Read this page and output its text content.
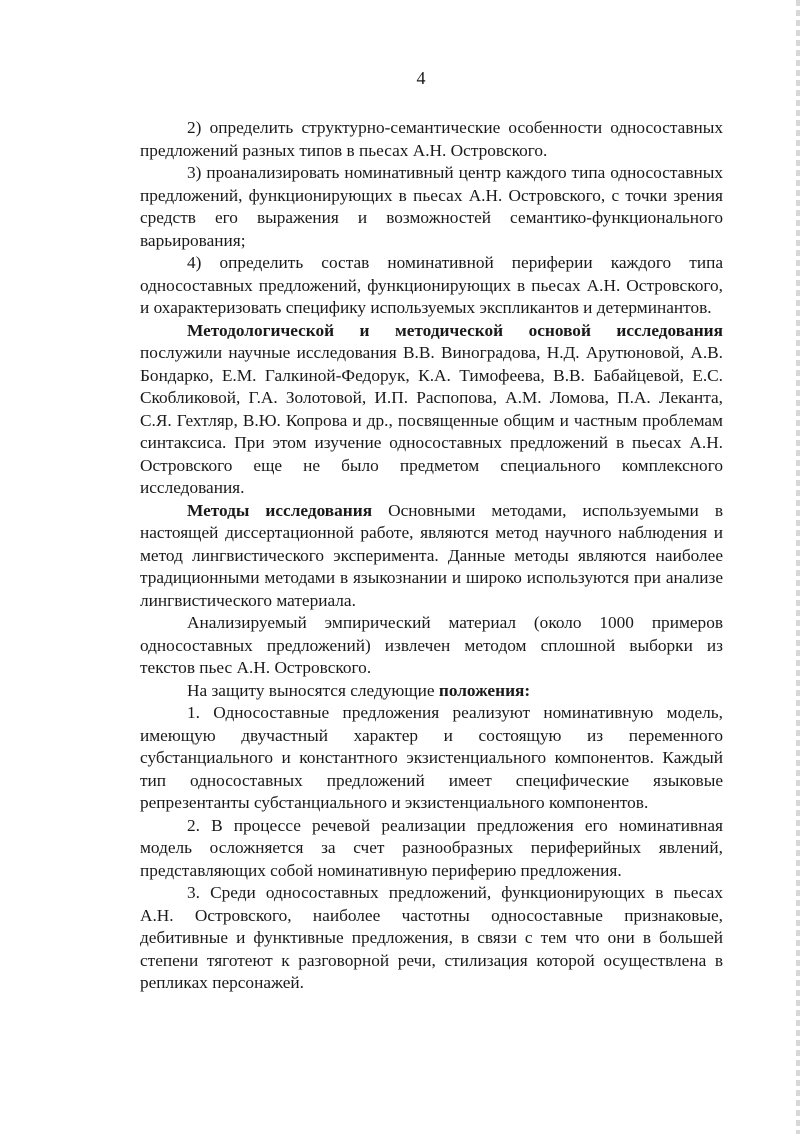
4

2) определить структурно-семантические особенности односоставных предложений разных типов в пьесах А.Н. Островского.

3) проанализировать номинативный центр каждого типа односоставных предложений, функционирующих в пьесах А.Н. Островского, с точки зрения средств его выражения и возможностей семантико-функционального варьирования;

4) определить состав номинативной периферии каждого типа односоставных предложений, функционирующих в пьесах А.Н. Островского, и охарактеризовать специфику используемых экспликантов и детерминантов.

Методологической и методической основой исследования послужили научные исследования В.В. Виноградова, Н.Д. Арутюновой, А.В. Бондарко, Е.М. Галкиной-Федорук, К.А. Тимофеева, В.В. Бабайцевой, Е.С. Скобликовой, Г.А. Золотовой, И.П. Распопова, А.М. Ломова, П.А. Леканта, С.Я. Гехтляр, В.Ю. Копрова и др., посвященные общим и частным проблемам синтаксиса. При этом изучение односоставных предложений в пьесах А.Н. Островского еще не было предметом специального комплексного исследования.

Методы исследования Основными методами, используемыми в настоящей диссертационной работе, являются метод научного наблюдения и метод лингвистического эксперимента. Данные методы являются наиболее традиционными методами в языкознании и широко используются при анализе лингвистического материала.

Анализируемый эмпирический материал (около 1000 примеров односоставных предложений) извлечен методом сплошной выборки из текстов пьес А.Н. Островского.

На защиту выносятся следующие положения:

1. Односоставные предложения реализуют номинативную модель, имеющую двучастный характер и состоящую из переменного субстанциального и константного экзистенциального компонентов. Каждый тип односоставных предложений имеет специфические языковые репрезентанты субстанциального и экзистенциального компонентов.

2. В процессе речевой реализации предложения его номинативная модель осложняется за счет разнообразных периферийных явлений, представляющих собой номинативную периферию предложения.

3. Среди односоставных предложений, функционирующих в пьесах А.Н. Островского, наиболее частотны односоставные признаковые, дебитивные и функтивные предложения, в связи с тем что они в большей степени тяготеют к разговорной речи, стилизация которой осуществлена в репликах персонажей.
